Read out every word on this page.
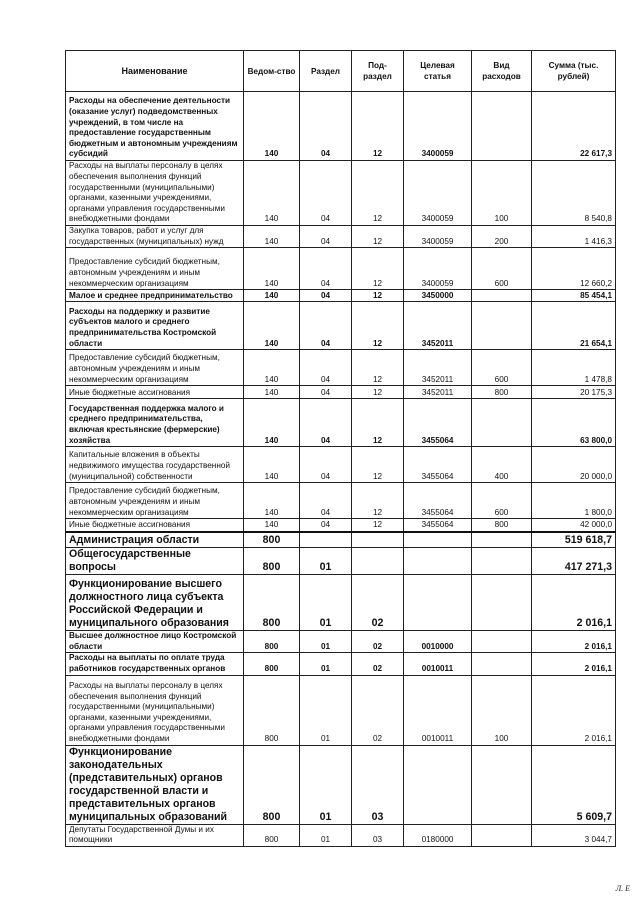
Наименование	Ведом-ство	Раздел	Под-раздел	Целевая статья	Вид расходов	Сумма (тыс. рублей)
Расходы на обеспечение деятельности (оказание услуг) подведомственных учреждений, в том числе на предоставление государственным бюджетным и автономным учреждениям субсидий	140	04	12	3400059		22 617,3
Расходы на выплаты персоналу в целях обеспечения выполнения функций государственными (муниципальными) органами, казенными учреждениями, органами управления государственными внебюджетными фондами	140	04	12	3400059	100	8 540,8
Закупка товаров, работ и услуг для государственных (муниципальных) нужд	140	04	12	3400059	200	1 416,3
Предоставление субсидий бюджетным, автономным учреждениям и иным некоммерческим организациям	140	04	12	3400059	600	12 660,2
Малое и среднее предпринимательство	140	04	12	3450000		85 454,1
Расходы на поддержку и развитие субъектов малого и среднего предпринимательства Костромской области	140	04	12	3452011		21 654,1
Предоставление субсидий бюджетным, автономным учреждениям и иным некоммерческим организациям	140	04	12	3452011	600	1 478,8
Иные бюджетные ассигнования	140	04	12	3452011	800	20 175,3
Государственная поддержка малого и среднего предпринимательства, включая крестьянские (фермерские) хозяйства	140	04	12	3455064		63 800,0
Капитальные вложения в объекты недвижимого имущества государственной (муниципальной) собственности	140	04	12	3455064	400	20 000,0
Предоставление субсидий бюджетным, автономным учреждениям и иным некоммерческим организациям	140	04	12	3455064	600	1 800,0
Иные бюджетные ассигнования	140	04	12	3455064	800	42 000,0
Администрация области	800					519 618,7
Общегосударственные вопросы	800	01				417 271,3
Функционирование высшего должностного лица субъекта Российской Федерации и муниципального образования	800	01	02			2 016,1
Высшее должностное лицо Костромской области	800	01	02	0010000		2 016,1
Расходы на выплаты по оплате труда работников государственных органов	800	01	02	0010011		2 016,1
Расходы на выплаты персоналу в целях обеспечения выполнения функций государственными (муниципальными) органами, казенными учреждениями, органами управления государственными внебюджетными фондами	800	01	02	0010011	100	2 016,1
Функционирование законодательных (представительных) органов государственной власти и представительных органов муниципальных образований	800	01	03			5 609,7
Депутаты Государственной Думы и их помощники	800	01	03	0180000		3 044,7
Л. Е
